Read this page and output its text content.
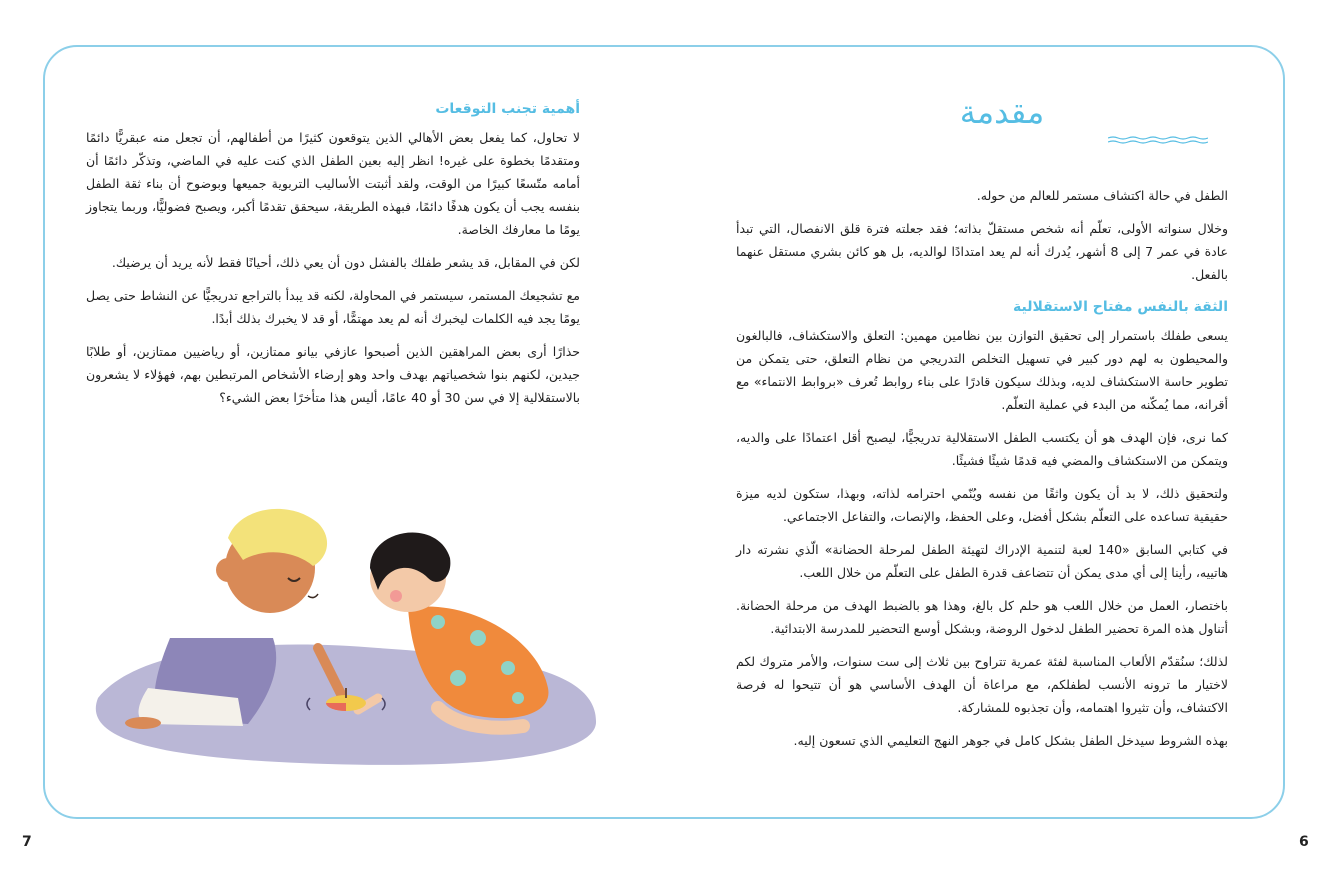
مقدمة

الطفل في حالة اكتشاف مستمر للعالم من حوله.

وخلال سنواته الأولى، تعلّم أنه شخص مستقلّ بذاته؛ فقد جعلته فترة قلق الانفصال، التي تبدأ عادة في عمر 7 إلى 8 أشهر، يُدرك أنه لم يعد امتدادًا لوالديه، بل هو كائن بشري مستقل عنهما بالفعل.

الثقة بالنفس مفتاح الاستقلالية

يسعى طفلك باستمرار إلى تحقيق التوازن بين نظامين مهمين: التعلق والاستكشاف، فالبالغون والمحيطون به لهم دور كبير في تسهيل التخلص التدريجي من نظام التعلق، حتى يتمكن من تطوير حاسة الاستكشاف لديه، وبذلك سيكون قادرًا على بناء روابط تُعرف «بروابط الانتماء» مع أقرانه، مما يُمكّنه من البدء في عملية التعلّم.

كما نرى، فإن الهدف هو أن يكتسب الطفل الاستقلالية تدريجيًّا، ليصبح أقل اعتمادًا على والديه، ويتمكن من الاستكشاف والمضي فيه قدمًا شيئًا فشيئًا.

ولتحقيق ذلك، لا بد أن يكون واثقًا من نفسه ويُنّمي احترامه لذاته، وبهذا، ستكون لديه ميزة حقيقية تساعده على التعلّم بشكل أفضل، وعلى الحفظ، والإنصات، والتفاعل الاجتماعي.

في كتابي السابق «140 لعبة لتنمية الإدراك لتهيئة الطفل لمرحلة الحضانة» الّذي نشرته دار هاتييه، رأينا إلى أي مدى يمكن أن تتضاعف قدرة الطفل على التعلّم من خلال اللعب.

باختصار، العمل من خلال اللعب هو حلم كل بالغ، وهذا هو بالضبط الهدف من مرحلة الحضانة. أتناول هذه المرة تحضير الطفل لدخول الروضة، وبشكل أوسع التحضير للمدرسة الابتدائية.

لذلك؛ سنُقدّم الألعاب المناسبة لفئة عمرية تتراوح بين ثلاث إلى ست سنوات، والأمر متروك لكم لاختيار ما ترونه الأنسب لطفلكم، مع مراعاة أن الهدف الأساسي هو أن تتيحوا له فرصة الاكتشاف، وأن تثيروا اهتمامه، وأن تجذبوه للمشاركة.

بهذه الشروط سيدخل الطفل بشكل كامل في جوهر النهج التعليمي الذي تسعون إليه.

أهمية تجنب التوقعات

لا تحاول، كما يفعل بعض الأهالي الذين يتوقعون كثيرًا من أطفالهم، أن تجعل منه عبقريًّا دائمًا ومتقدمًا بخطوة على غيره! انظر إليه بعين الطفل الذي كنت عليه في الماضي، وتذكّر دائمًا أن أمامه متّسعًا كبيرًا من الوقت، ولقد أثبتت الأساليب التربوية جميعها وبوضوح أن بناء ثقة الطفل بنفسه يجب أن يكون هدفًا دائمًا، فبهذه الطريقة، سيحقق تقدمًا أكبر، ويصبح فضوليًّا، وربما يتجاوز يومًا ما معارفك الخاصة.

لكن في المقابل، قد يشعر طفلك بالفشل دون أن يعي ذلك، أحيانًا فقط لأنه يريد أن يرضيك.

مع تشجيعك المستمر، سيستمر في المحاولة، لكنه قد يبدأ بالتراجع تدريجيًّا عن النشاط حتى يصل يومًا يجد فيه الكلمات ليخبرك أنه لم يعد مهتمًّا، أو قد لا يخبرك بذلك أبدًا.

حذارًا أرى بعض المراهقين الذين أصبحوا عازفي بيانو ممتازين، أو رياضيين ممتازين، أو طلابًا جيدين، لكنهم بنوا شخصياتهم بهدف واحد وهو إرضاء الأشخاص المرتبطين بهم، فهؤلاء لا يشعرون بالاستقلالية إلا في سن 30 أو 40 عامًا، أليس هذا متأخرًا بعض الشيء؟

7	6
